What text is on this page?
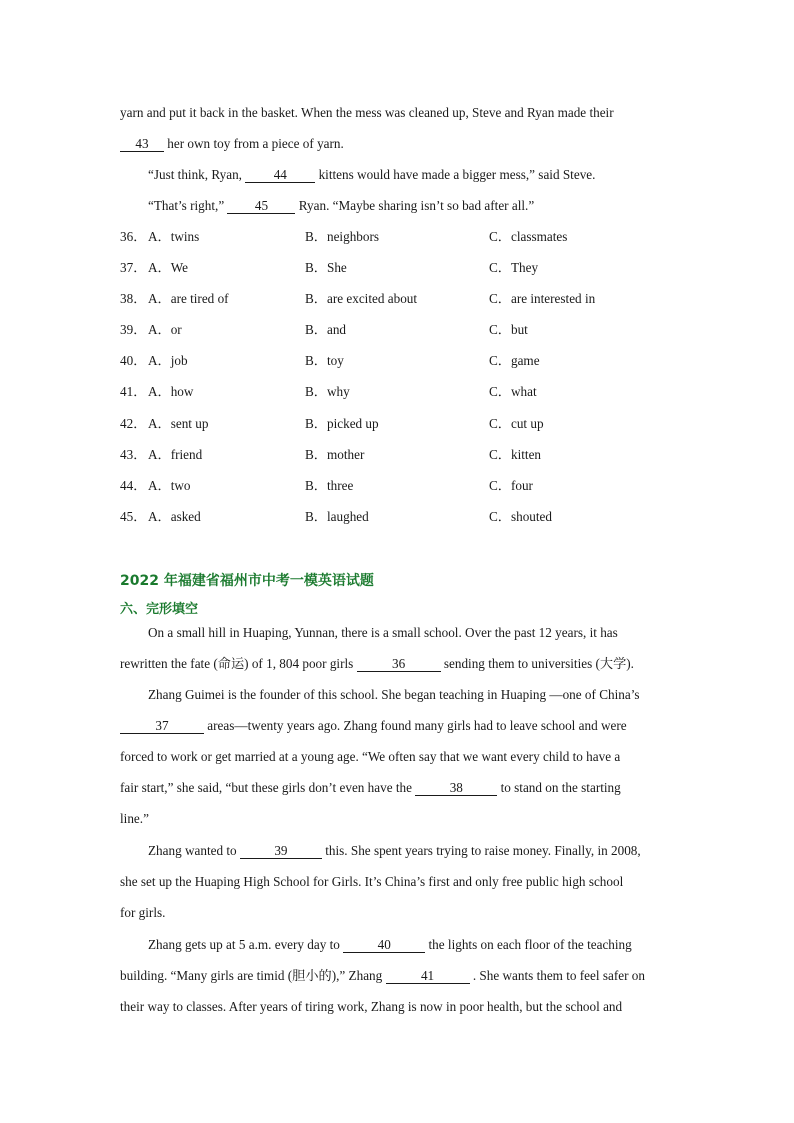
yarn and put it back in the basket. When the mess was cleaned up, Steve and Ryan made their
43 her own toy from a piece of yarn.
“Just think, Ryan, 44 kittens would have made a bigger mess,” said Steve.
“That’s right,” 45 Ryan. “Maybe sharing isn’t so bad after all.”
36． A．twins	B．neighbors	C．classmates
37． A．We	B．She	C．They
38． A．are tired of	B．are excited about	C．are interested in
39． A．or	B．and	C．but
40． A．job	B．toy	C．game
41． A．how	B．why	C．what
42． A．sent up	B．picked up	C．cut up
43． A．friend	B．mother	C．kitten
44． A．two	B．three	C．four
45． A．asked	B．laughed	C．shouted
2022 年福建省福州市中考一模英语试题
六、完形填空
On a small hill in Huaping, Yunnan, there is a small school. Over the past 12 years, it has
rewritten the fate (命运) of 1, 804 poor girls	36	sending them to universities (大学).
Zhang Guimei is the founder of this school. She began teaching in Huaping —one of China’s
37	areas—twenty years ago. Zhang found many girls had to leave school and were
forced to work or get married at a young age. “We often say that we want every child to have a
fair start,” she said, “but these girls don’t even have the	38	to stand on the starting
line.”
Zhang wanted to	39	this. She spent years trying to raise money. Finally, in 2008,
she set up the Huaping High School for Girls. It’s China’s first and only free public high school
for girls.
Zhang gets up at 5 a.m. every day to	40	the lights on each floor of the teaching
building. “Many girls are timid (胆小的),” Zhang	41	. She wants them to feel safer on
their way to classes. After years of tiring work, Zhang is now in poor health, but the school and
